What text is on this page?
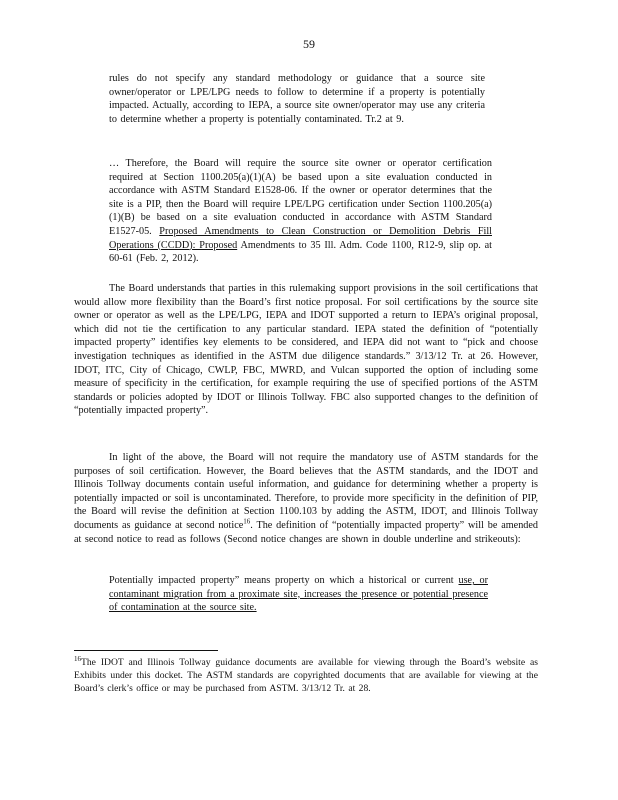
59

rules do not specify any standard methodology or guidance that a source site owner/operator or LPE/LPG needs to follow to determine if a property is potentially impacted. Actually, according to IEPA, a source site owner/operator may use any criteria to determine whether a property is potentially contaminated. Tr.2 at 9.

… Therefore, the Board will require the source site owner or operator certification required at Section 1100.205(a)(1)(A) be based upon a site evaluation conducted in accordance with ASTM Standard E1528-06. If the owner or operator determines that the site is a PIP, then the Board will require LPE/LPG certification under Section 1100.205(a)(1)(B) be based on a site evaluation conducted in accordance with ASTM Standard E1527-05. Proposed Amendments to Clean Construction or Demolition Debris Fill Operations (CCDD): Proposed Amendments to 35 Ill. Adm. Code 1100, R12-9, slip op. at 60-61 (Feb. 2, 2012).

The Board understands that parties in this rulemaking support provisions in the soil certifications that would allow more flexibility than the Board’s first notice proposal. For soil certifications by the source site owner or operator as well as the LPE/LPG, IEPA and IDOT supported a return to IEPA’s original proposal, which did not tie the certification to any particular standard. IEPA stated the definition of “potentially impacted property” identifies key elements to be considered, and IEPA did not want to “pick and choose investigation techniques as identified in the ASTM due diligence standards.” 3/13/12 Tr. at 26. However, IDOT, ITC, City of Chicago, CWLP, FBC, MWRD, and Vulcan supported the option of including some measure of specificity in the certification, for example requiring the use of specified portions of the ASTM standards or policies adopted by IDOT or Illinois Tollway. FBC also supported changes to the definition of “potentially impacted property”.

In light of the above, the Board will not require the mandatory use of ASTM standards for the purposes of soil certification. However, the Board believes that the ASTM standards, and the IDOT and Illinois Tollway documents contain useful information, and guidance for determining whether a property is potentially impacted or soil is uncontaminated. Therefore, to provide more specificity in the definition of PIP, the Board will revise the definition at Section 1100.103 by adding the ASTM, IDOT, and Illinois Tollway documents as guidance at second notice$^{16}$. The definition of “potentially impacted property” will be amended at second notice to read as follows (Second notice changes are shown in double underline and strikeouts):

Potentially impacted property” means property on which a historical or current use, or contaminant migration from a proximate site, increases the presence or potential presence of contamination at the source site.

$^{16}$The IDOT and Illinois Tollway guidance documents are available for viewing through the Board’s website as Exhibits under this docket. The ASTM standards are copyrighted documents that are available for viewing at the Board’s clerk’s office or may be purchased from ASTM. 3/13/12 Tr. at 28.
